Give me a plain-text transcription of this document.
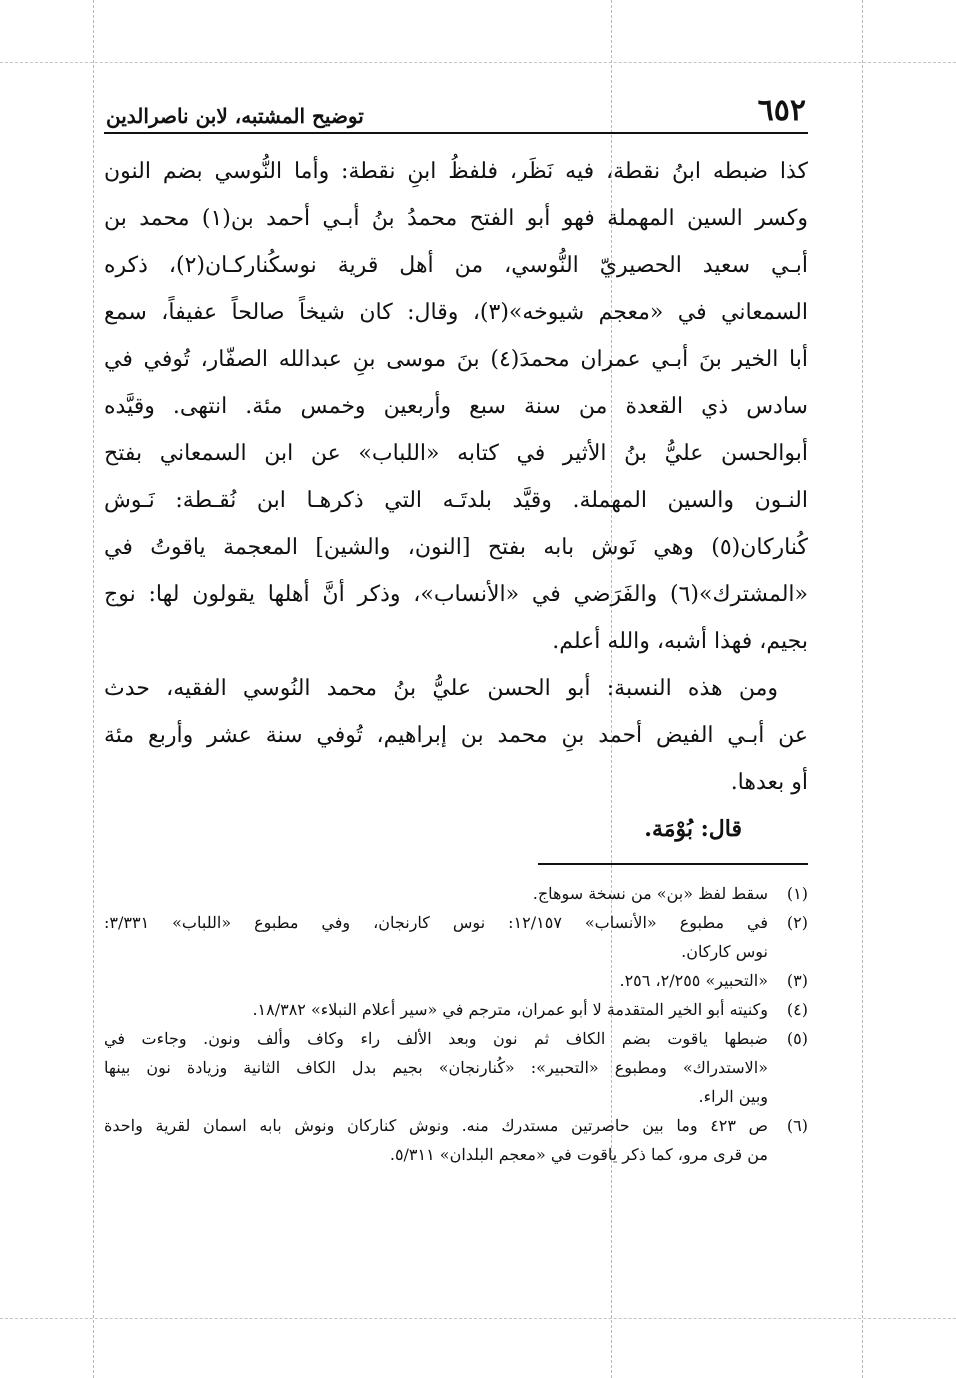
٦٥٢
توضيح المشتبه، لابن ناصرالدين
كذا ضبطه ابنُ نقطة، فيه نَظَر، فلفظُ ابنِ نقطة: وأما النُّوسي بضم النون
وكسر السين المهملة فهو أبو الفتح محمدُ بنُ أبـي أحمد بن(١) محمد بن
أبـي سعيد الحصيريّ النُّوسي، من أهل قرية نوسكُناركـان(٢)، ذكره
السمعاني في «معجم شيوخه»(٣)، وقال: كان شيخاً صالحاً عفيفاً، سمع
أبا الخير بنَ أبـي عمران محمدَ(٤) بنَ موسى بنِ عبدالله الصفّار، تُوفي في
سادس ذي القعدة من سنة سبع وأربعين وخمس مئة. انتهى. وقيَّده
أبوالحسن عليُّ بنُ الأثير في كتابه «اللباب» عن ابن السمعاني بفتح
النـون والسين المهملة. وقيَّد بلدتَـه التي ذكرهـا ابن نُقـطة: نَـوش
كُناركان(٥) وهي نَوش بابه بفتح [النون، والشين] المعجمة ياقوتُ في
«المشترك»(٦) والفَرَضي في «الأنساب»، وذكر أنَّ أهلها يقولون لها: نوج
بجيم، فهذا أشبه، والله أعلم.
ومن هذه النسبة: أبو الحسن عليُّ بنُ محمد النُوسي الفقيه، حدث
عن أبـي الفيض أحمد بنِ محمد بن إبراهيم، تُوفي سنة عشر وأربع مئة
أو بعدها.
قال: بُوْمَة.
(١)
سقط لفظ «بن» من نسخة سوهاج.
(٢)
في مطبوع «الأنساب» ١٢/١٥٧: نوس كارنجان، وفي مطبوع «اللباب» ٣/٣٣١:
نوس كاركان.
(٣)
«التحبير» ٢/٢٥٥، ٢٥٦.
(٤)
وكنيته أبو الخير المتقدمة لا أبو عمران، مترجم في «سير أعلام النبلاء» ١٨/٣٨٢.
(٥)
ضبطها ياقوت بضم الكاف ثم نون وبعد الألف راء وكاف وألف ونون. وجاءت في
«الاستدراك» ومطبوع «التحبير»: «كُنارنجان» بجيم بدل الكاف الثانية وزيادة نون بينها
وبين الراء.
(٦)
ص ٤٢٣ وما بين حاصرتين مستدرك منه. ونوش كناركان ونوش بابه اسمان لقرية واحدة
من قرى مرو، كما ذكر ياقوت في «معجم البلدان» ٥/٣١١.
